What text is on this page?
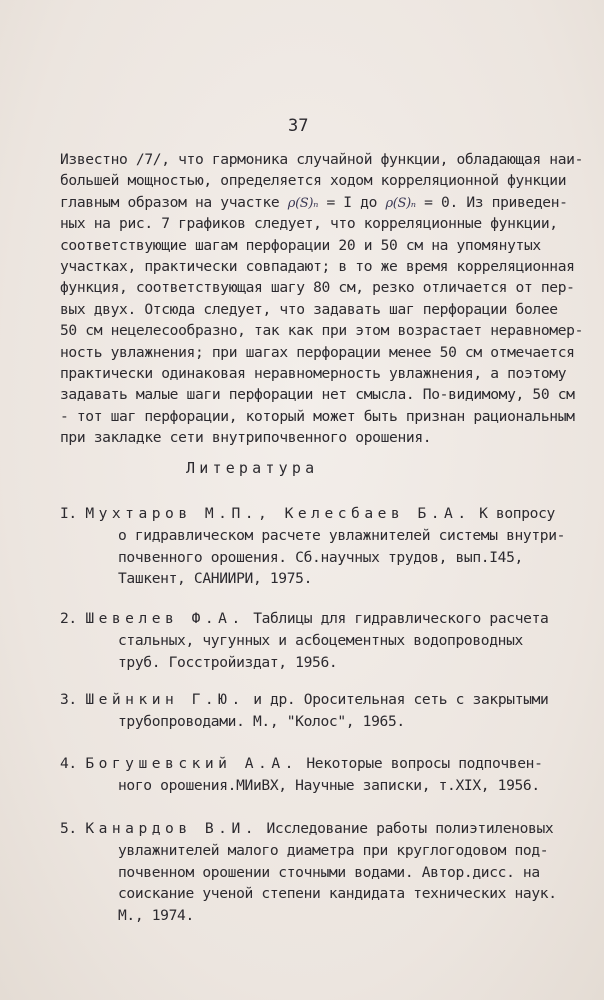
37
Известно /7/, что гармоника случайной функции, обладающая наи-
большей мощностью, определяется ходом корреляционной функции
главным образом на участке ρ(S)ₙ = I до ρ(S)ₙ = 0. Из приведен-
ных на рис. 7 графиков следует, что корреляционные функции,
соответствующие шагам перфорации 20 и 50 см на упомянутых
участках, практически совпадают; в то же время корреляционная
функция, соответствующая шагу 80 см, резко отличается от пер-
вых двух. Отсюда следует, что задавать шаг перфорации более
50 см нецелесообразно, так как при этом возрастает неравномер-
ность увлажнения; при шагах перфорации менее 50 см отмечается
практически одинаковая неравномерность увлажнения, а поэтому
задавать малые шаги перфорации нет смысла. По-видимому, 50 см
- тот шаг перфорации, который может быть признан рациональным
при закладке сети внутрипочвенного орошения.
Литература
I. Мухтаров М.П., Келесбаев Б.А. К вопросу
о гидравлическом расчете увлажнителей системы внутри-
почвенного орошения. Сб.научных трудов, вып.I45,
Ташкент, САНИИРИ, 1975.
2. Шевелев Ф.А. Таблицы для гидравлического расчета
стальных, чугунных и асбоцементных водопроводных
труб. Госстройиздат, 1956.
3. Шейнкин Г.Ю. и др. Оросительная сеть с закрытыми
трубопроводами. М., "Колос", 1965.
4. Богушевский А.А. Некоторые вопросы подпочвен-
ного орошения.МИиВХ, Научные записки, т.XIX, 1956.
5. Канардов В.И. Исследование работы полиэтиленовых
увлажнителей малого диаметра при круглогодовом под-
почвенном орошении сточными водами. Автор.дисс. на
соискание ученой степени кандидата технических наук.
М., 1974.
